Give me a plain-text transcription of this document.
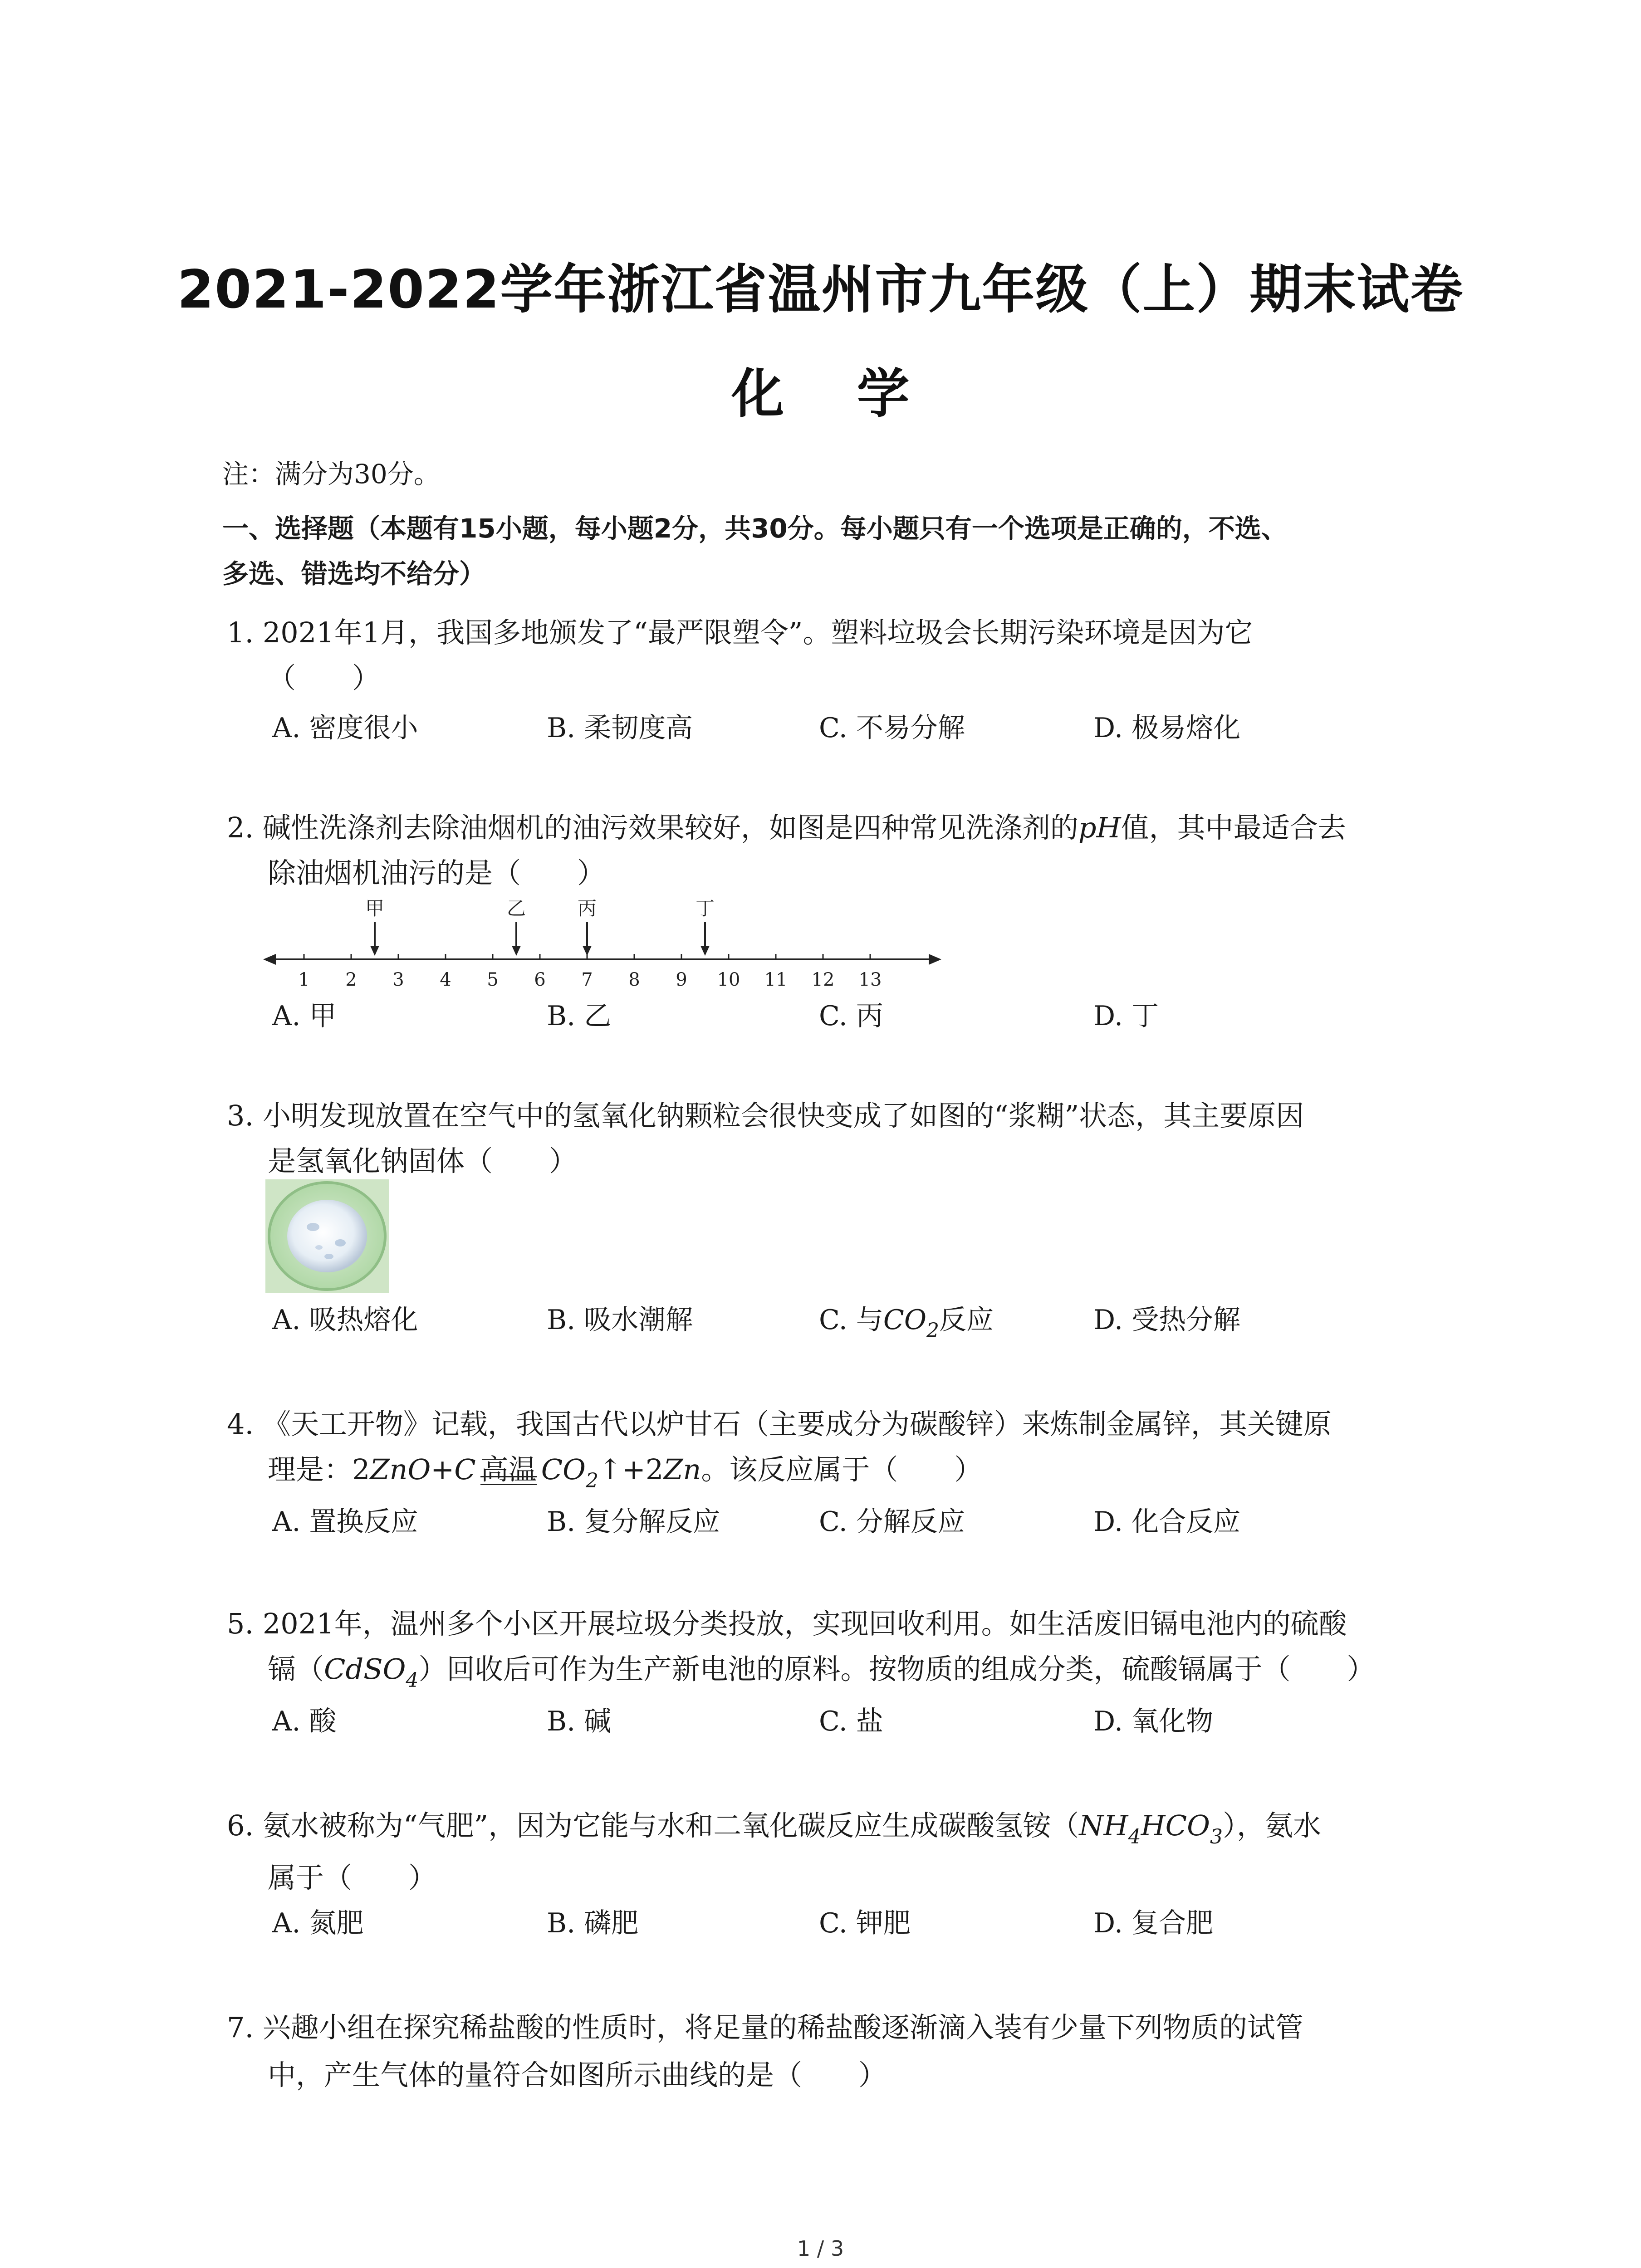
2021-2022学年浙江省温州市九年级（上）期末试卷
化 学
注：满分为30分。
一、选择题（本题有15小题，每小题2分，共30分。每小题只有一个选项是正确的，不选、
多选、错选均不给分）
1. 2021年1月，我国多地颁发了“最严限塑令”。塑料垃圾会长期污染环境是因为它
（　　）
A. 密度很小	B. 柔韧度高	C. 不易分解	D. 极易熔化
2. 碱性洗涤剂去除油烟机的油污效果较好，如图是四种常见洗涤剂的pH值，其中最适合去
除油烟机油污的是（　　）
1 2 3 4 5 6 7 8 9 10 11 12 13
甲	乙	丙	丁
A. 甲	B. 乙	C. 丙	D. 丁
3. 小明发现放置在空气中的氢氧化钠颗粒会很快变成了如图的“浆糊”状态，其主要原因
是氢氧化钠固体（　　）
A. 吸热熔化	B. 吸水潮解	C. 与$CO_2$反应	D. 受热分解
4. 《天工开物》记载，我国古代以炉甘石（主要成分为碳酸锌）来炼制金属锌，其关键原
理是：2ZnO+C 高温 $CO_2↑+2Zn$。该反应属于（　　）
A. 置换反应	B. 复分解反应	C. 分解反应	D. 化合反应
5. 2021年，温州多个小区开展垃圾分类投放，实现回收利用。如生活废旧镉电池内的硫酸
镉（CdSO$_4$）回收后可作为生产新电池的原料。按物质的组成分类，硫酸镉属于（　　）
A. 酸	B. 碱	C. 盐	D. 氧化物
6. 氨水被称为“气肥”，因为它能与水和二氧化碳反应生成碳酸氢铵$(NH_4HCO_3)$，氨水
属于（　　）
A. 氮肥	B. 磷肥	C. 钾肥	D. 复合肥
7. 兴趣小组在探究稀盐酸的性质时，将足量的稀盐酸逐渐滴入装有少量下列物质的试管
中，产生气体的量符合如图所示曲线的是（　　）
1 / 3
